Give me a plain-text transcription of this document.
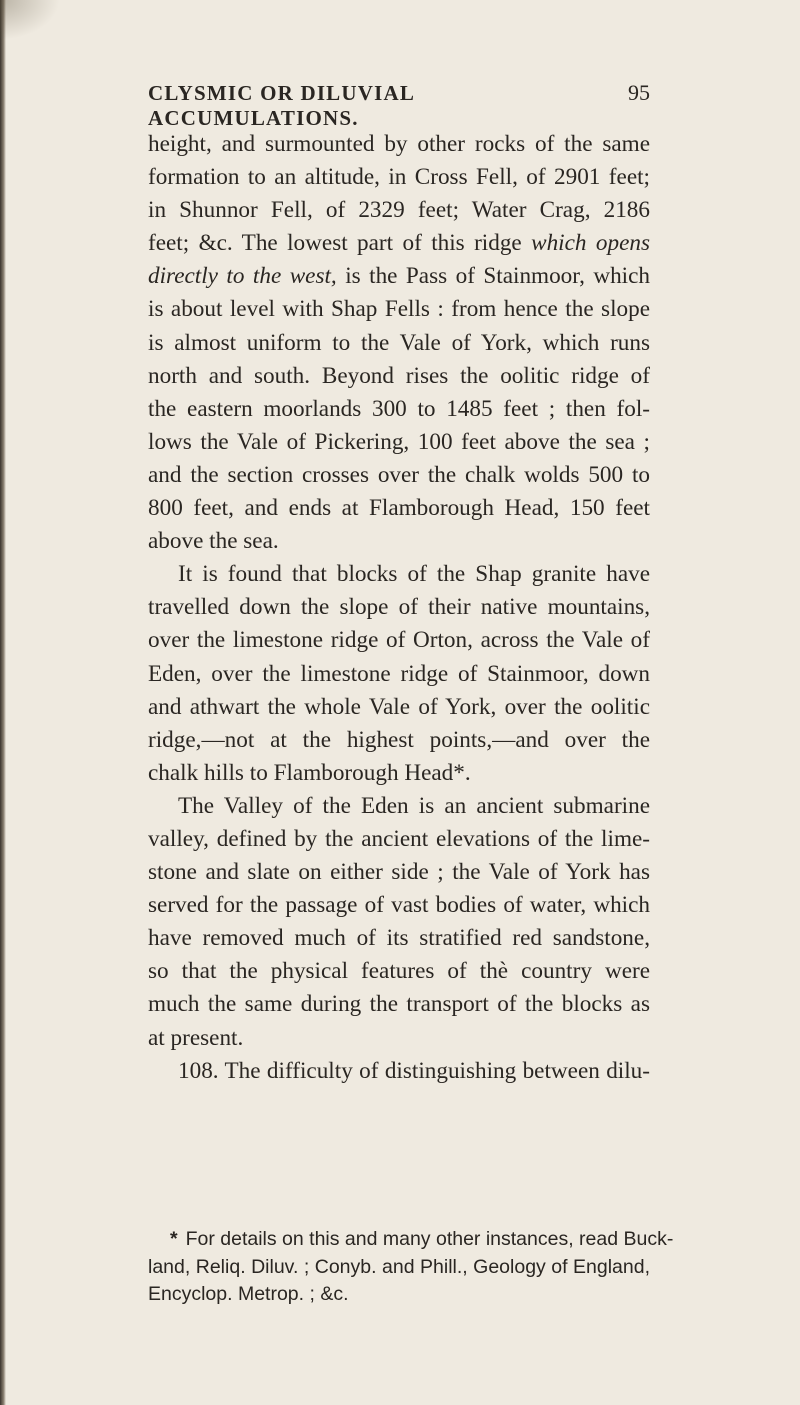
CLYSMIC OR DILUVIAL ACCUMULATIONS.
95
height, and surmounted by other rocks of the same
formation to an altitude, in Cross Fell, of 2901 feet;
in Shunnor Fell, of 2329 feet; Water Crag, 2186
feet; &c. The lowest part of this ridge which opens
directly to the west, is the Pass of Stainmoor, which
is about level with Shap Fells : from hence the slope
is almost uniform to the Vale of York, which runs
north and south. Beyond rises the oolitic ridge of
the eastern moorlands 300 to 1485 feet ; then fol-
lows the Vale of Pickering, 100 feet above the sea ;
and the section crosses over the chalk wolds 500 to
800 feet, and ends at Flamborough Head, 150 feet
above the sea.
It is found that blocks of the Shap granite have
travelled down the slope of their native mountains,
over the limestone ridge of Orton, across the Vale of
Eden, over the limestone ridge of Stainmoor, down
and athwart the whole Vale of York, over the oolitic
ridge,—not at the highest points,—and over the
chalk hills to Flamborough Head*.
The Valley of the Eden is an ancient submarine
valley, defined by the ancient elevations of the lime-
stone and slate on either side ; the Vale of York has
served for the passage of vast bodies of water, which
have removed much of its stratified red sandstone,
so that the physical features of thè country were
much the same during the transport of the blocks as
at present.
108. The difficulty of distinguishing between dilu-
* For details on this and many other instances, read Buck-
land, Reliq. Diluv. ; Conyb. and Phill., Geology of England,
Encyclop. Metrop. ; &c.
